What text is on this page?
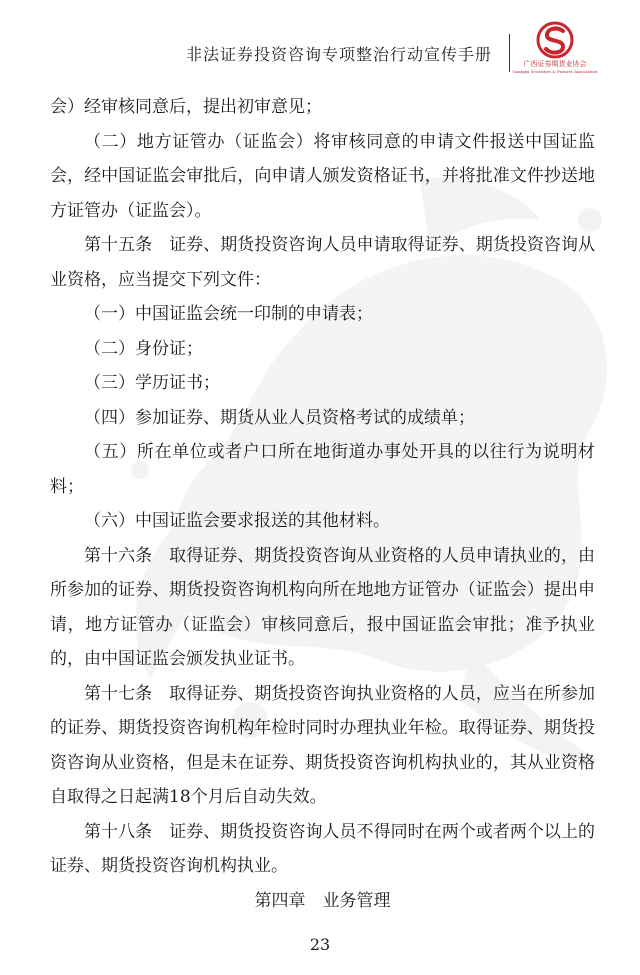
非法证券投资咨询专项整治行动宣传手册	广西证券期货业协会
Guangxi Securities & Futures Association

会）经审核同意后，提出初审意见；

（二）地方证管办（证监会）将审核同意的申请文件报送中国证监会，经中国证监会审批后，向申请人颁发资格证书，并将批准文件抄送地方证管办（证监会）。

第十五条　证券、期货投资咨询人员申请取得证券、期货投资咨询从业资格，应当提交下列文件：

（一）中国证监会统一印制的申请表；

（二）身份证；

（三）学历证书；

（四）参加证券、期货从业人员资格考试的成绩单；

（五）所在单位或者户口所在地街道办事处开具的以往行为说明材料；

（六）中国证监会要求报送的其他材料。

第十六条　取得证券、期货投资咨询从业资格的人员申请执业的，由所参加的证券、期货投资咨询机构向所在地地方证管办（证监会）提出申请，地方证管办（证监会）审核同意后，报中国证监会审批；准予执业的，由中国证监会颁发执业证书。

第十七条　取得证券、期货投资咨询执业资格的人员，应当在所参加的证券、期货投资咨询机构年检时同时办理执业年检。取得证券、期货投资咨询从业资格，但是未在证券、期货投资咨询机构执业的，其从业资格自取得之日起满18个月后自动失效。

第十八条　证券、期货投资咨询人员不得同时在两个或者两个以上的证券、期货投资咨询机构执业。

第四章　业务管理

23
